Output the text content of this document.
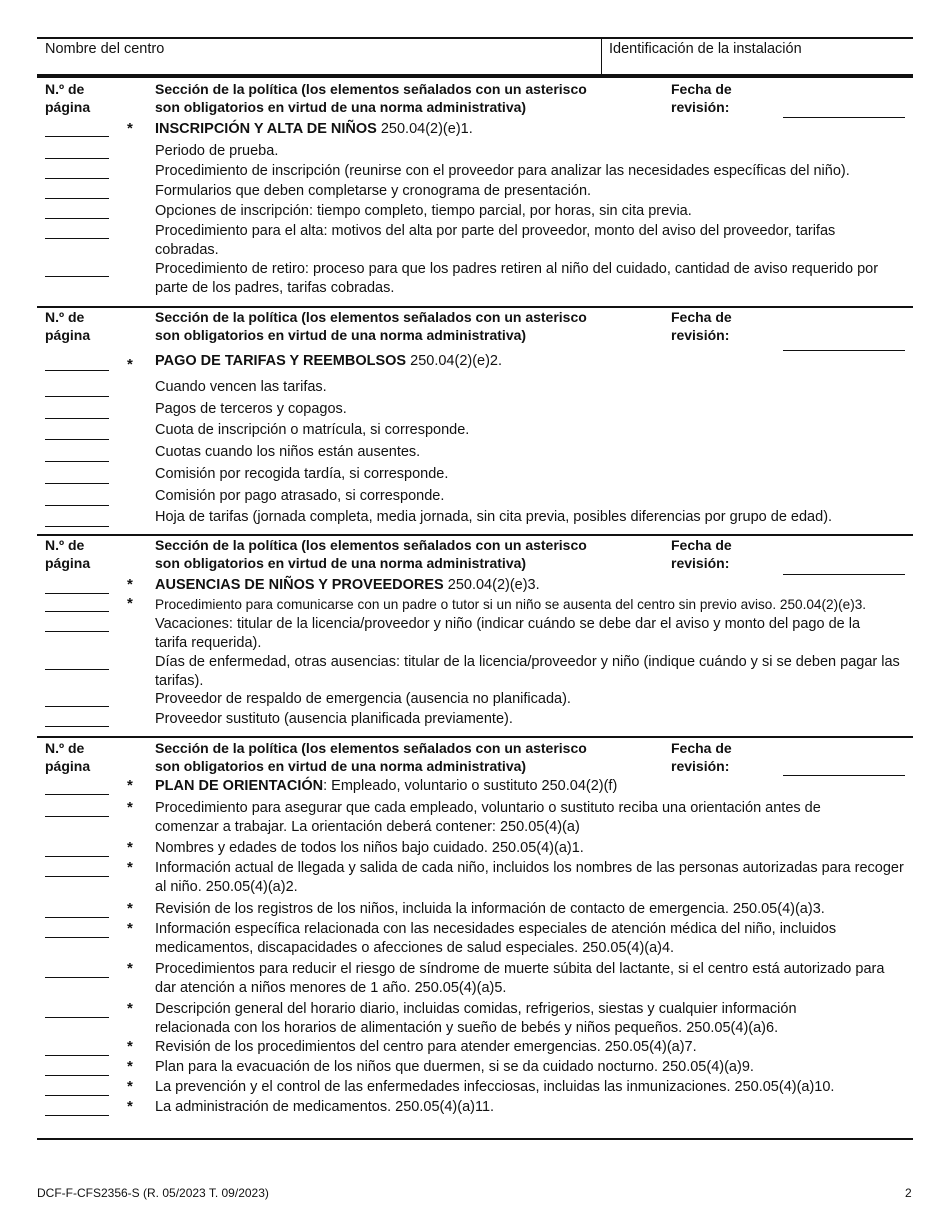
Nombre del centro	Identificación de la instalación
N.º de
página
Sección de la política (los elementos señalados con un asterisco
son obligatorios en virtud de una norma administrativa)
Fecha de
revisión:
* INSCRIPCIÓN Y ALTA DE NIÑOS 250.04(2)(e)1.
Periodo de prueba.
Procedimiento de inscripción (reunirse con el proveedor para analizar las necesidades específicas del niño).
Formularios que deben completarse y cronograma de presentación.
Opciones de inscripción: tiempo completo, tiempo parcial, por horas, sin cita previa.
Procedimiento para el alta: motivos del alta por parte del proveedor, monto del aviso del proveedor, tarifas cobradas.
Procedimiento de retiro: proceso para que los padres retiren al niño del cuidado, cantidad de aviso requerido por parte de los padres, tarifas cobradas.
N.º de
página
Sección de la política (los elementos señalados con un asterisco
son obligatorios en virtud de una norma administrativa)
Fecha de
revisión:
* PAGO DE TARIFAS Y REEMBOLSOS 250.04(2)(e)2.
Cuando vencen las tarifas.
Pagos de terceros y copagos.
Cuota de inscripción o matrícula, si corresponde.
Cuotas cuando los niños están ausentes.
Comisión por recogida tardía, si corresponde.
Comisión por pago atrasado, si corresponde.
Hoja de tarifas (jornada completa, media jornada, sin cita previa, posibles diferencias por grupo de edad).
N.º de
página
Sección de la política (los elementos señalados con un asterisco
son obligatorios en virtud de una norma administrativa)
Fecha de
revisión:
* AUSENCIAS DE NIÑOS Y PROVEEDORES 250.04(2)(e)3.
* Procedimiento para comunicarse con un padre o tutor si un niño se ausenta del centro sin previo aviso. 250.04(2)(e)3.
Vacaciones: titular de la licencia/proveedor y niño (indicar cuándo se debe dar el aviso y monto del pago de la tarifa requerida).
Días de enfermedad, otras ausencias: titular de la licencia/proveedor y niño (indique cuándo y si se deben pagar las tarifas).
Proveedor de respaldo de emergencia (ausencia no planificada).
Proveedor sustituto (ausencia planificada previamente).
N.º de
página
Sección de la política (los elementos señalados con un asterisco
son obligatorios en virtud de una norma administrativa)
Fecha de
revisión:
* PLAN DE ORIENTACIÓN: Empleado, voluntario o sustituto 250.04(2)(f)
* Procedimiento para asegurar que cada empleado, voluntario o sustituto reciba una orientación antes de comenzar a trabajar. La orientación deberá contener: 250.05(4)(a)
* Nombres y edades de todos los niños bajo cuidado. 250.05(4)(a)1.
* Información actual de llegada y salida de cada niño, incluidos los nombres de las personas autorizadas para recoger al niño. 250.05(4)(a)2.
* Revisión de los registros de los niños, incluida la información de contacto de emergencia. 250.05(4)(a)3.
* Información específica relacionada con las necesidades especiales de atención médica del niño, incluidos medicamentos, discapacidades o afecciones de salud especiales. 250.05(4)(a)4.
* Procedimientos para reducir el riesgo de síndrome de muerte súbita del lactante, si el centro está autorizado para dar atención a niños menores de 1 año. 250.05(4)(a)5.
* Descripción general del horario diario, incluidas comidas, refrigerios, siestas y cualquier información relacionada con los horarios de alimentación y sueño de bebés y niños pequeños. 250.05(4)(a)6.
* Revisión de los procedimientos del centro para atender emergencias. 250.05(4)(a)7.
* Plan para la evacuación de los niños que duermen, si se da cuidado nocturno. 250.05(4)(a)9.
* La prevención y el control de las enfermedades infecciosas, incluidas las inmunizaciones. 250.05(4)(a)10.
* La administración de medicamentos. 250.05(4)(a)11.
DCF-F-CFS2356-S (R. 05/2023 T. 09/2023)	2
